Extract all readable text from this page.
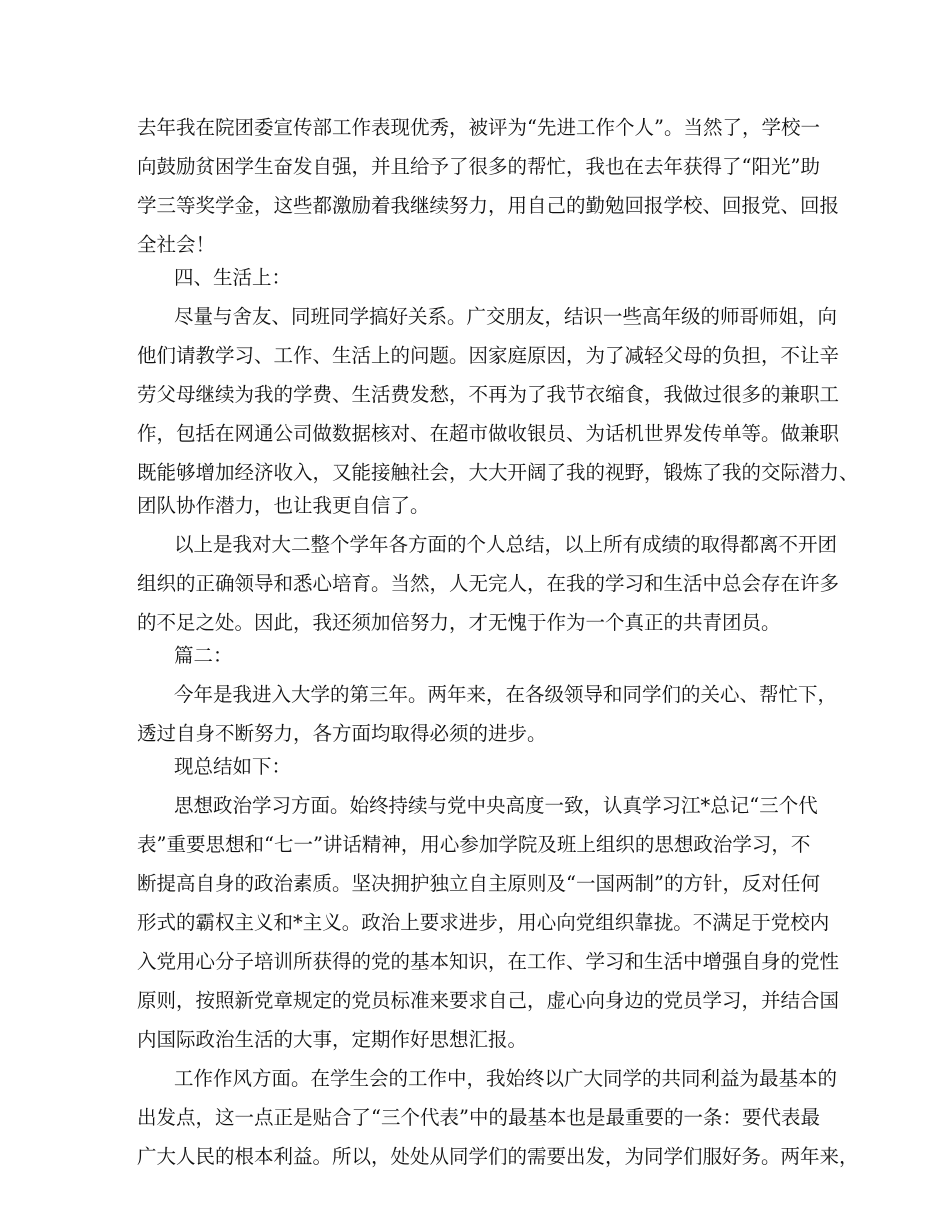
去年我在院团委宣传部工作表现优秀，被评为“先进工作个人”。当然了，学校一
向鼓励贫困学生奋发自强，并且给予了很多的帮忙，我也在去年获得了“阳光”助
学三等奖学金，这些都激励着我继续努力，用自己的勤勉回报学校、回报党、回报
全社会！
四、生活上：
尽量与舍友、同班同学搞好关系。广交朋友，结识一些高年级的师哥师姐，向
他们请教学习、工作、生活上的问题。因家庭原因，为了减轻父母的负担，不让辛
劳父母继续为我的学费、生活费发愁，不再为了我节衣缩食，我做过很多的兼职工
作，包括在网通公司做数据核对、在超市做收银员、为话机世界发传单等。做兼职
既能够增加经济收入，又能接触社会，大大开阔了我的视野，锻炼了我的交际潜力、
团队协作潜力，也让我更自信了。
以上是我对大二整个学年各方面的个人总结，以上所有成绩的取得都离不开团
组织的正确领导和悉心培育。当然，人无完人，在我的学习和生活中总会存在许多
的不足之处。因此，我还须加倍努力，才无愧于作为一个真正的共青团员。
篇二：
今年是我进入大学的第三年。两年来，在各级领导和同学们的关心、帮忙下，
透过自身不断努力，各方面均取得必须的进步。
现总结如下：
思想政治学习方面。始终持续与党中央高度一致，认真学习江*总记“三个代
表”重要思想和“七一”讲话精神，用心参加学院及班上组织的思想政治学习，不
断提高自身的政治素质。坚决拥护独立自主原则及“一国两制”的方针，反对任何
形式的霸权主义和*主义。政治上要求进步，用心向党组织靠拢。不满足于党校内
入党用心分子培训所获得的党的基本知识，在工作、学习和生活中增强自身的党性
原则，按照新党章规定的党员标准来要求自己，虚心向身边的党员学习，并结合国
内国际政治生活的大事，定期作好思想汇报。
工作作风方面。在学生会的工作中，我始终以广大同学的共同利益为最基本的
出发点，这一点正是贴合了“三个代表”中的最基本也是最重要的一条：要代表最
广大人民的根本利益。所以，处处从同学们的需要出发，为同学们服好务。两年来，
